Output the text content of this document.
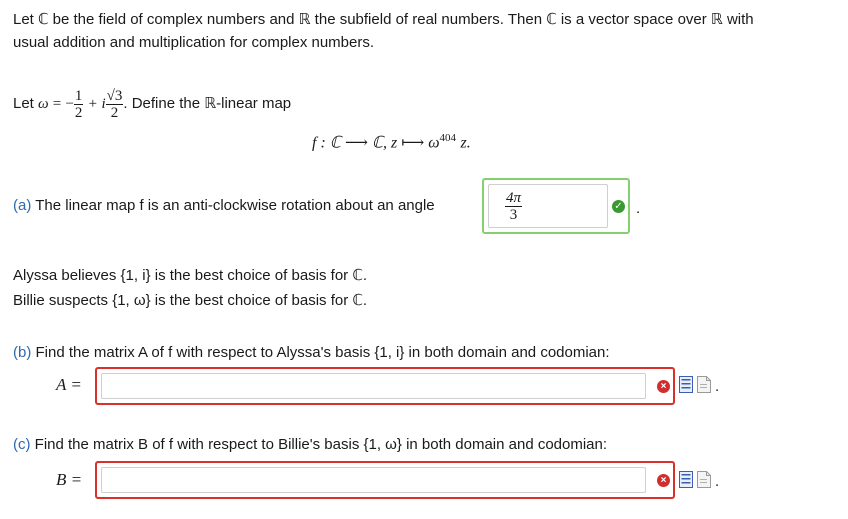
Let ℂ be the field of complex numbers and ℝ the subfield of real numbers. Then ℂ is a vector space over ℝ with
usual addition and multiplication for complex numbers.
Let
ω
=
− $\frac{1}{2}$
+ i $\frac{√3}{2}$ . Define the ℝ-linear map
f : ℂ ⟶ ℂ, z ⟼ $\omega^{404}$ z.
(a) The linear map f is an anti-clockwise rotation about an angle	$\frac{4\pi}{3}$	✓ .
Alyssa believes {1, i} is the best choice of basis for ℂ.
Billie suspects {1, ω} is the best choice of basis for ℂ.
(b) Find the matrix A of f with respect to Alyssa's basis {1, i} in both domain and codomian:
A =	×	.
(c) Find the matrix B of f with respect to Billie's basis {1, ω} in both domain and codomian:
B =	×	.
